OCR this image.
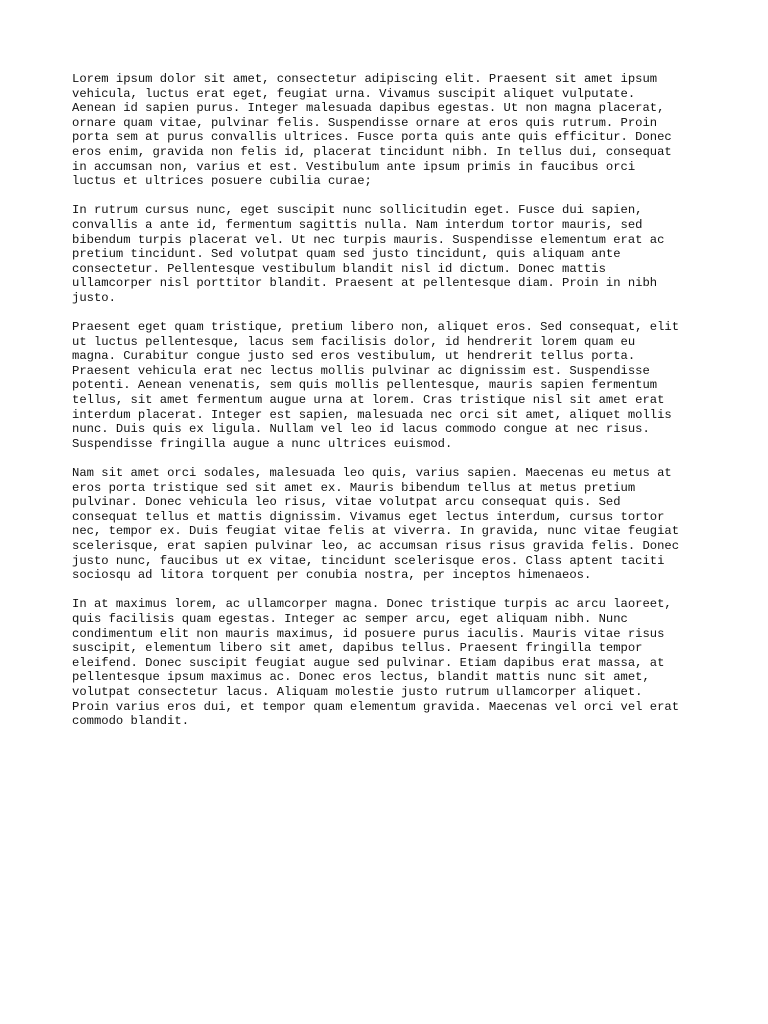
Lorem ipsum dolor sit amet, consectetur adipiscing elit. Praesent sit amet ipsum
vehicula, luctus erat eget, feugiat urna. Vivamus suscipit aliquet vulputate.
Aenean id sapien purus. Integer malesuada dapibus egestas. Ut non magna placerat,
ornare quam vitae, pulvinar felis. Suspendisse ornare at eros quis rutrum. Proin
porta sem at purus convallis ultrices. Fusce porta quis ante quis efficitur. Donec
eros enim, gravida non felis id, placerat tincidunt nibh. In tellus dui, consequat
in accumsan non, varius et est. Vestibulum ante ipsum primis in faucibus orci
luctus et ultrices posuere cubilia curae;
In rutrum cursus nunc, eget suscipit nunc sollicitudin eget. Fusce dui sapien,
convallis a ante id, fermentum sagittis nulla. Nam interdum tortor mauris, sed
bibendum turpis placerat vel. Ut nec turpis mauris. Suspendisse elementum erat ac
pretium tincidunt. Sed volutpat quam sed justo tincidunt, quis aliquam ante
consectetur. Pellentesque vestibulum blandit nisl id dictum. Donec mattis
ullamcorper nisl porttitor blandit. Praesent at pellentesque diam. Proin in nibh
justo.
Praesent eget quam tristique, pretium libero non, aliquet eros. Sed consequat, elit
ut luctus pellentesque, lacus sem facilisis dolor, id hendrerit lorem quam eu
magna. Curabitur congue justo sed eros vestibulum, ut hendrerit tellus porta.
Praesent vehicula erat nec lectus mollis pulvinar ac dignissim est. Suspendisse
potenti. Aenean venenatis, sem quis mollis pellentesque, mauris sapien fermentum
tellus, sit amet fermentum augue urna at lorem. Cras tristique nisl sit amet erat
interdum placerat. Integer est sapien, malesuada nec orci sit amet, aliquet mollis
nunc. Duis quis ex ligula. Nullam vel leo id lacus commodo congue at nec risus.
Suspendisse fringilla augue a nunc ultrices euismod.
Nam sit amet orci sodales, malesuada leo quis, varius sapien. Maecenas eu metus at
eros porta tristique sed sit amet ex. Mauris bibendum tellus at metus pretium
pulvinar. Donec vehicula leo risus, vitae volutpat arcu consequat quis. Sed
consequat tellus et mattis dignissim. Vivamus eget lectus interdum, cursus tortor
nec, tempor ex. Duis feugiat vitae felis at viverra. In gravida, nunc vitae feugiat
scelerisque, erat sapien pulvinar leo, ac accumsan risus risus gravida felis. Donec
justo nunc, faucibus ut ex vitae, tincidunt scelerisque eros. Class aptent taciti
sociosqu ad litora torquent per conubia nostra, per inceptos himenaeos.
In at maximus lorem, ac ullamcorper magna. Donec tristique turpis ac arcu laoreet,
quis facilisis quam egestas. Integer ac semper arcu, eget aliquam nibh. Nunc
condimentum elit non mauris maximus, id posuere purus iaculis. Mauris vitae risus
suscipit, elementum libero sit amet, dapibus tellus. Praesent fringilla tempor
eleifend. Donec suscipit feugiat augue sed pulvinar. Etiam dapibus erat massa, at
pellentesque ipsum maximus ac. Donec eros lectus, blandit mattis nunc sit amet,
volutpat consectetur lacus. Aliquam molestie justo rutrum ullamcorper aliquet.
Proin varius eros dui, et tempor quam elementum gravida. Maecenas vel orci vel erat
commodo blandit.
